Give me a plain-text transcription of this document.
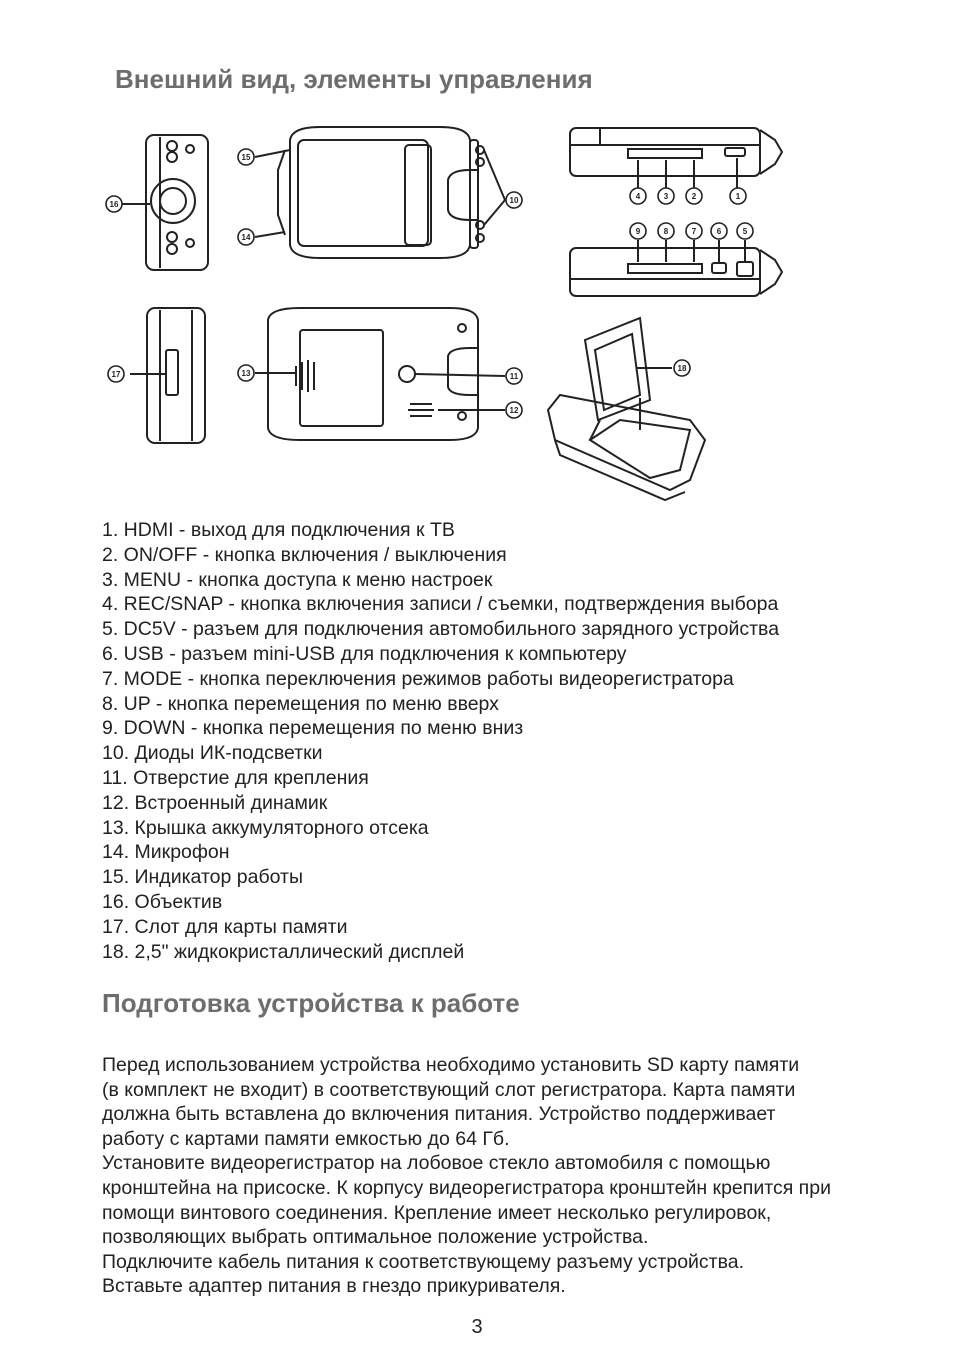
Внешний вид, элементы управления
1
2
3
4
5
6
7
8
9
10
11
12
13
14
15
16
17
18
1. HDMI - выход для подключения к ТВ
2. ON/OFF - кнопка включения / выключения
3. MENU - кнопка доступа к меню настроек
4. REC/SNAP - кнопка включения записи / съемки, подтверждения выбора
5. DC5V - разъем для подключения автомобильного зарядного устройства
6. USB - разъем mini-USB для подключения к компьютеру
7. MODE - кнопка переключения режимов работы видеорегистратора
8. UP - кнопка перемещения по меню вверх
9. DOWN - кнопка перемещения по меню вниз
10. Диоды ИК-подсветки
11. Отверстие для крепления
12. Встроенный динамик
13. Крышка аккумуляторного отсека
14. Микрофон
15. Индикатор работы
16. Объектив
17. Слот для карты памяти
18. 2,5" жидкокристаллический дисплей
Подготовка устройства к работе

Перед использованием устройства необходимо установить SD карту памяти

(в комплект не входит) в соответствующий слот регистратора. Карта памяти

должна быть вставлена до включения питания. Устройство поддерживает

работу с картами памяти емкостью до 64 Гб.

Установите видеорегистратор на лобовое стекло автомобиля с помощью

кронштейна на присоске. К корпусу видеорегистратора кронштейн крепится при

помощи винтового соединения. Крепление имеет несколько регулировок,

позволяющих выбрать оптимальное положение устройства.

Подключите кабель питания к соответствующему разъему устройства.

Вставьте адаптер питания в гнездо прикуривателя.

3
